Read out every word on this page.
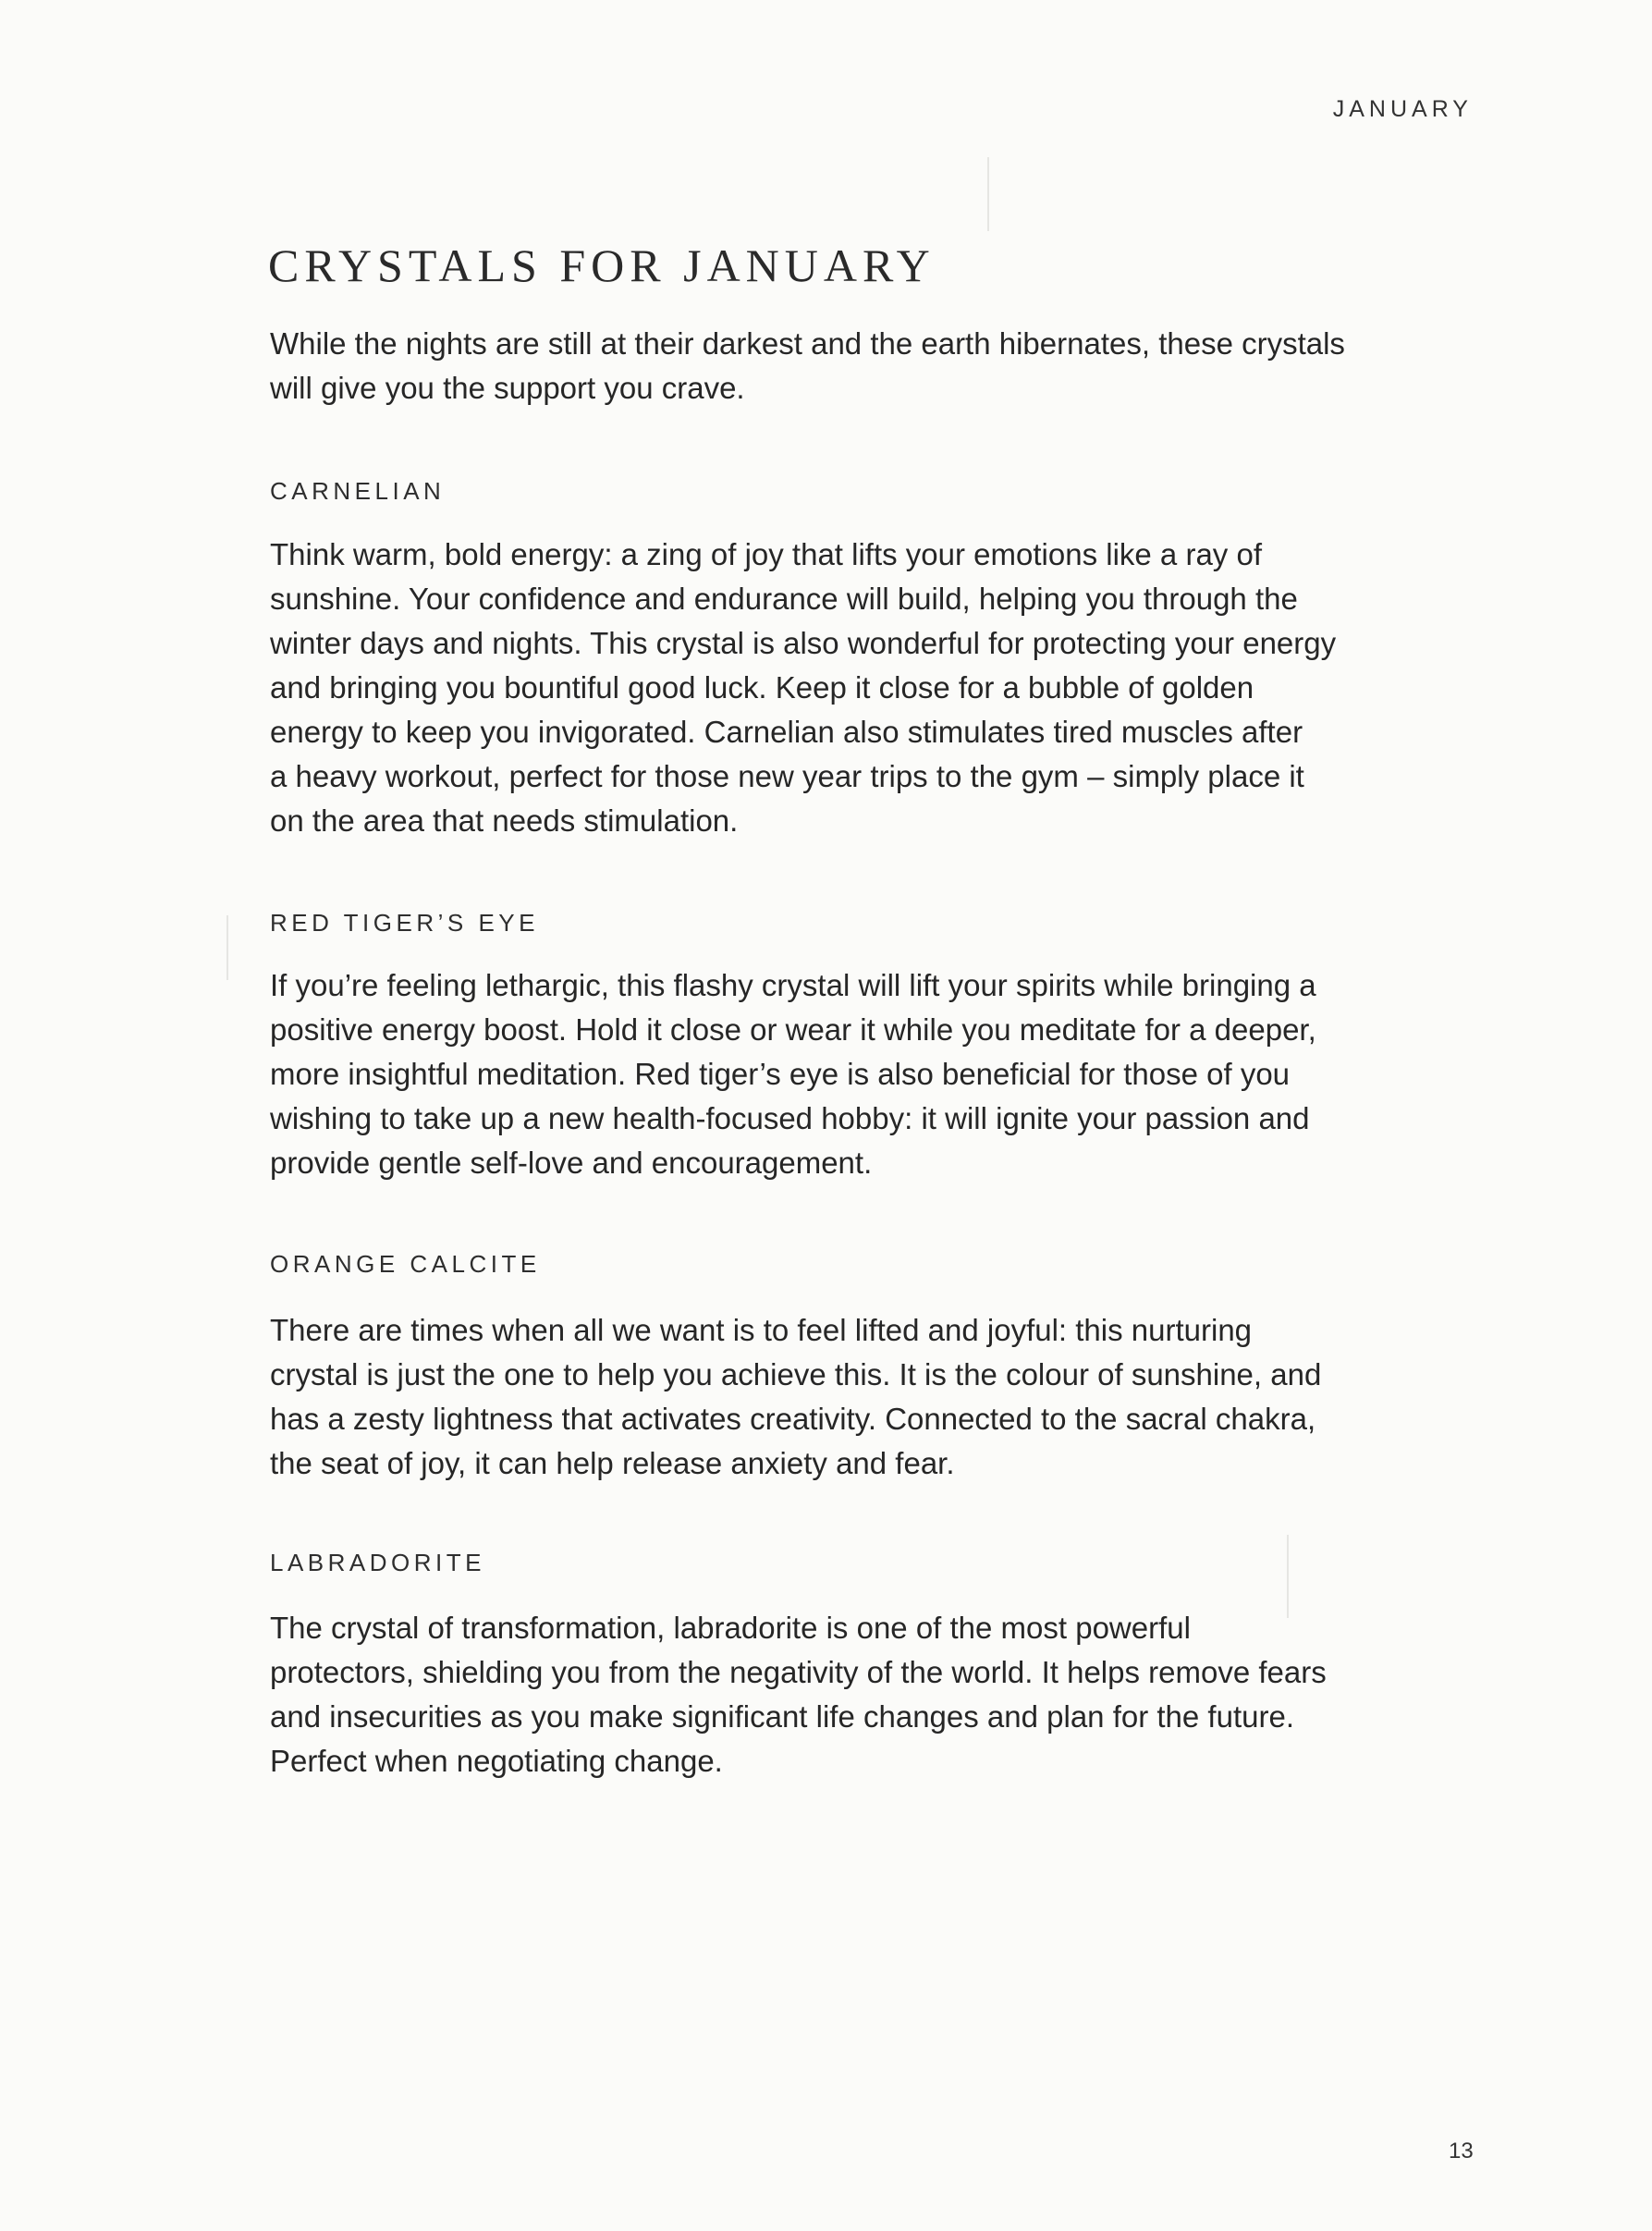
JANUARY
CRYSTALS FOR JANUARY
While the nights are still at their darkest and the earth hibernates, these crystals
will give you the support you crave.
CARNELIAN
Think warm, bold energy: a zing of joy that lifts your emotions like a ray of
sunshine. Your confidence and endurance will build, helping you through the
winter days and nights. This crystal is also wonderful for protecting your energy
and bringing you bountiful good luck. Keep it close for a bubble of golden
energy to keep you invigorated. Carnelian also stimulates tired muscles after
a heavy workout, perfect for those new year trips to the gym – simply place it
on the area that needs stimulation.
RED TIGER’S EYE
If you’re feeling lethargic, this flashy crystal will lift your spirits while bringing a
positive energy boost. Hold it close or wear it while you meditate for a deeper,
more insightful meditation. Red tiger’s eye is also beneficial for those of you
wishing to take up a new health-focused hobby: it will ignite your passion and
provide gentle self-love and encouragement.
ORANGE CALCITE
There are times when all we want is to feel lifted and joyful: this nurturing
crystal is just the one to help you achieve this. It is the colour of sunshine, and
has a zesty lightness that activates creativity. Connected to the sacral chakra,
the seat of joy, it can help release anxiety and fear.
LABRADORITE
The crystal of transformation, labradorite is one of the most powerful
protectors, shielding you from the negativity of the world. It helps remove fears
and insecurities as you make significant life changes and plan for the future.
Perfect when negotiating change.
13
